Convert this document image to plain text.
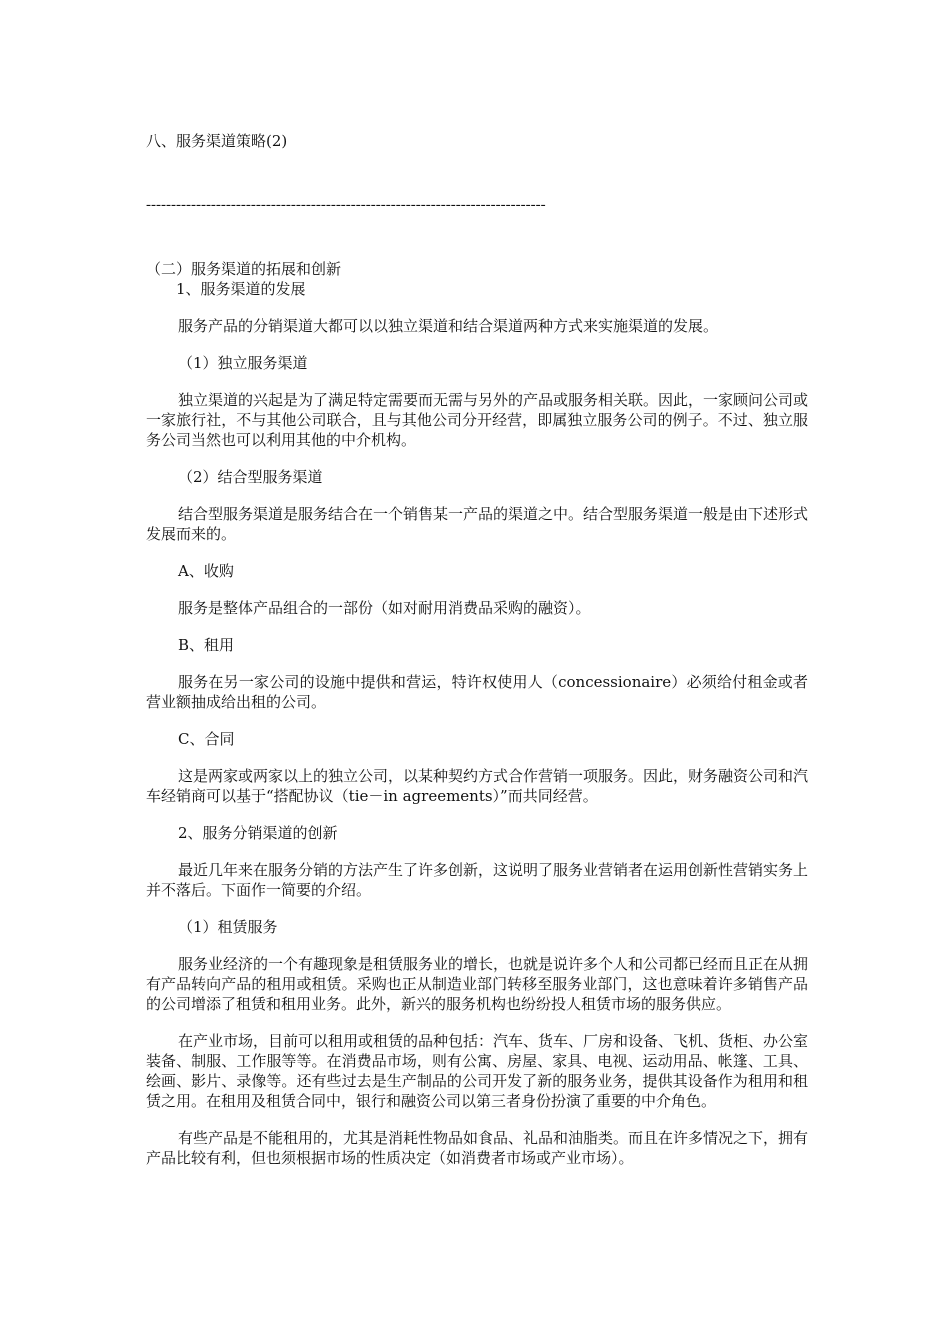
八、服务渠道策略(2)
--------------------------------------------------------------------------------
（二）服务渠道的拓展和创新
1、服务渠道的发展

服务产品的分销渠道大都可以以独立渠道和结合渠道两种方式来实施渠道的发展。

（1）独立服务渠道

独立渠道的兴起是为了满足特定需要而无需与另外的产品或服务相关联。因此，一家顾问公司或一家旅行社，不与其他公司联合，且与其他公司分开经营，即属独立服务公司的例子。不过、独立服务公司当然也可以利用其他的中介机构。

（2）结合型服务渠道

结合型服务渠道是服务结合在一个销售某一产品的渠道之中。结合型服务渠道一般是由下述形式发展而来的。

A、收购

服务是整体产品组合的一部份（如对耐用消费品采购的融资）。

B、租用

服务在另一家公司的设施中提供和营运，特许权使用人（concessionaire）必须给付租金或者营业额抽成给出租的公司。

C、合同

这是两家或两家以上的独立公司，以某种契约方式合作营销一项服务。因此，财务融资公司和汽车经销商可以基于“搭配协议（tie－in agreements）”而共同经营。

2、服务分销渠道的创新

最近几年来在服务分销的方法产生了许多创新，这说明了服务业营销者在运用创新性营销实务上并不落后。下面作一简要的介绍。

（1）租赁服务

服务业经济的一个有趣现象是租赁服务业的增长，也就是说许多个人和公司都已经而且正在从拥有产品转向产品的租用或租赁。采购也正从制造业部门转移至服务业部门，这也意味着许多销售产品的公司增添了租赁和租用业务。此外，新兴的服务机构也纷纷投人租赁市场的服务供应。

在产业市场，目前可以租用或租赁的品种包括：汽车、货车、厂房和设备、飞机、货柜、办公室装备、制服、工作服等等。在消费品市场，则有公寓、房屋、家具、电视、运动用品、帐篷、工具、绘画、影片、录像等。还有些过去是生产制品的公司开发了新的服务业务，提供其设备作为租用和租赁之用。在租用及租赁合同中，银行和融资公司以第三者身份扮演了重要的中介角色。

有些产品是不能租用的，尤其是消耗性物品如食品、礼品和油脂类。而且在许多情况之下，拥有产品比较有利，但也须根据市场的性质决定（如消费者市场或产业市场）。
